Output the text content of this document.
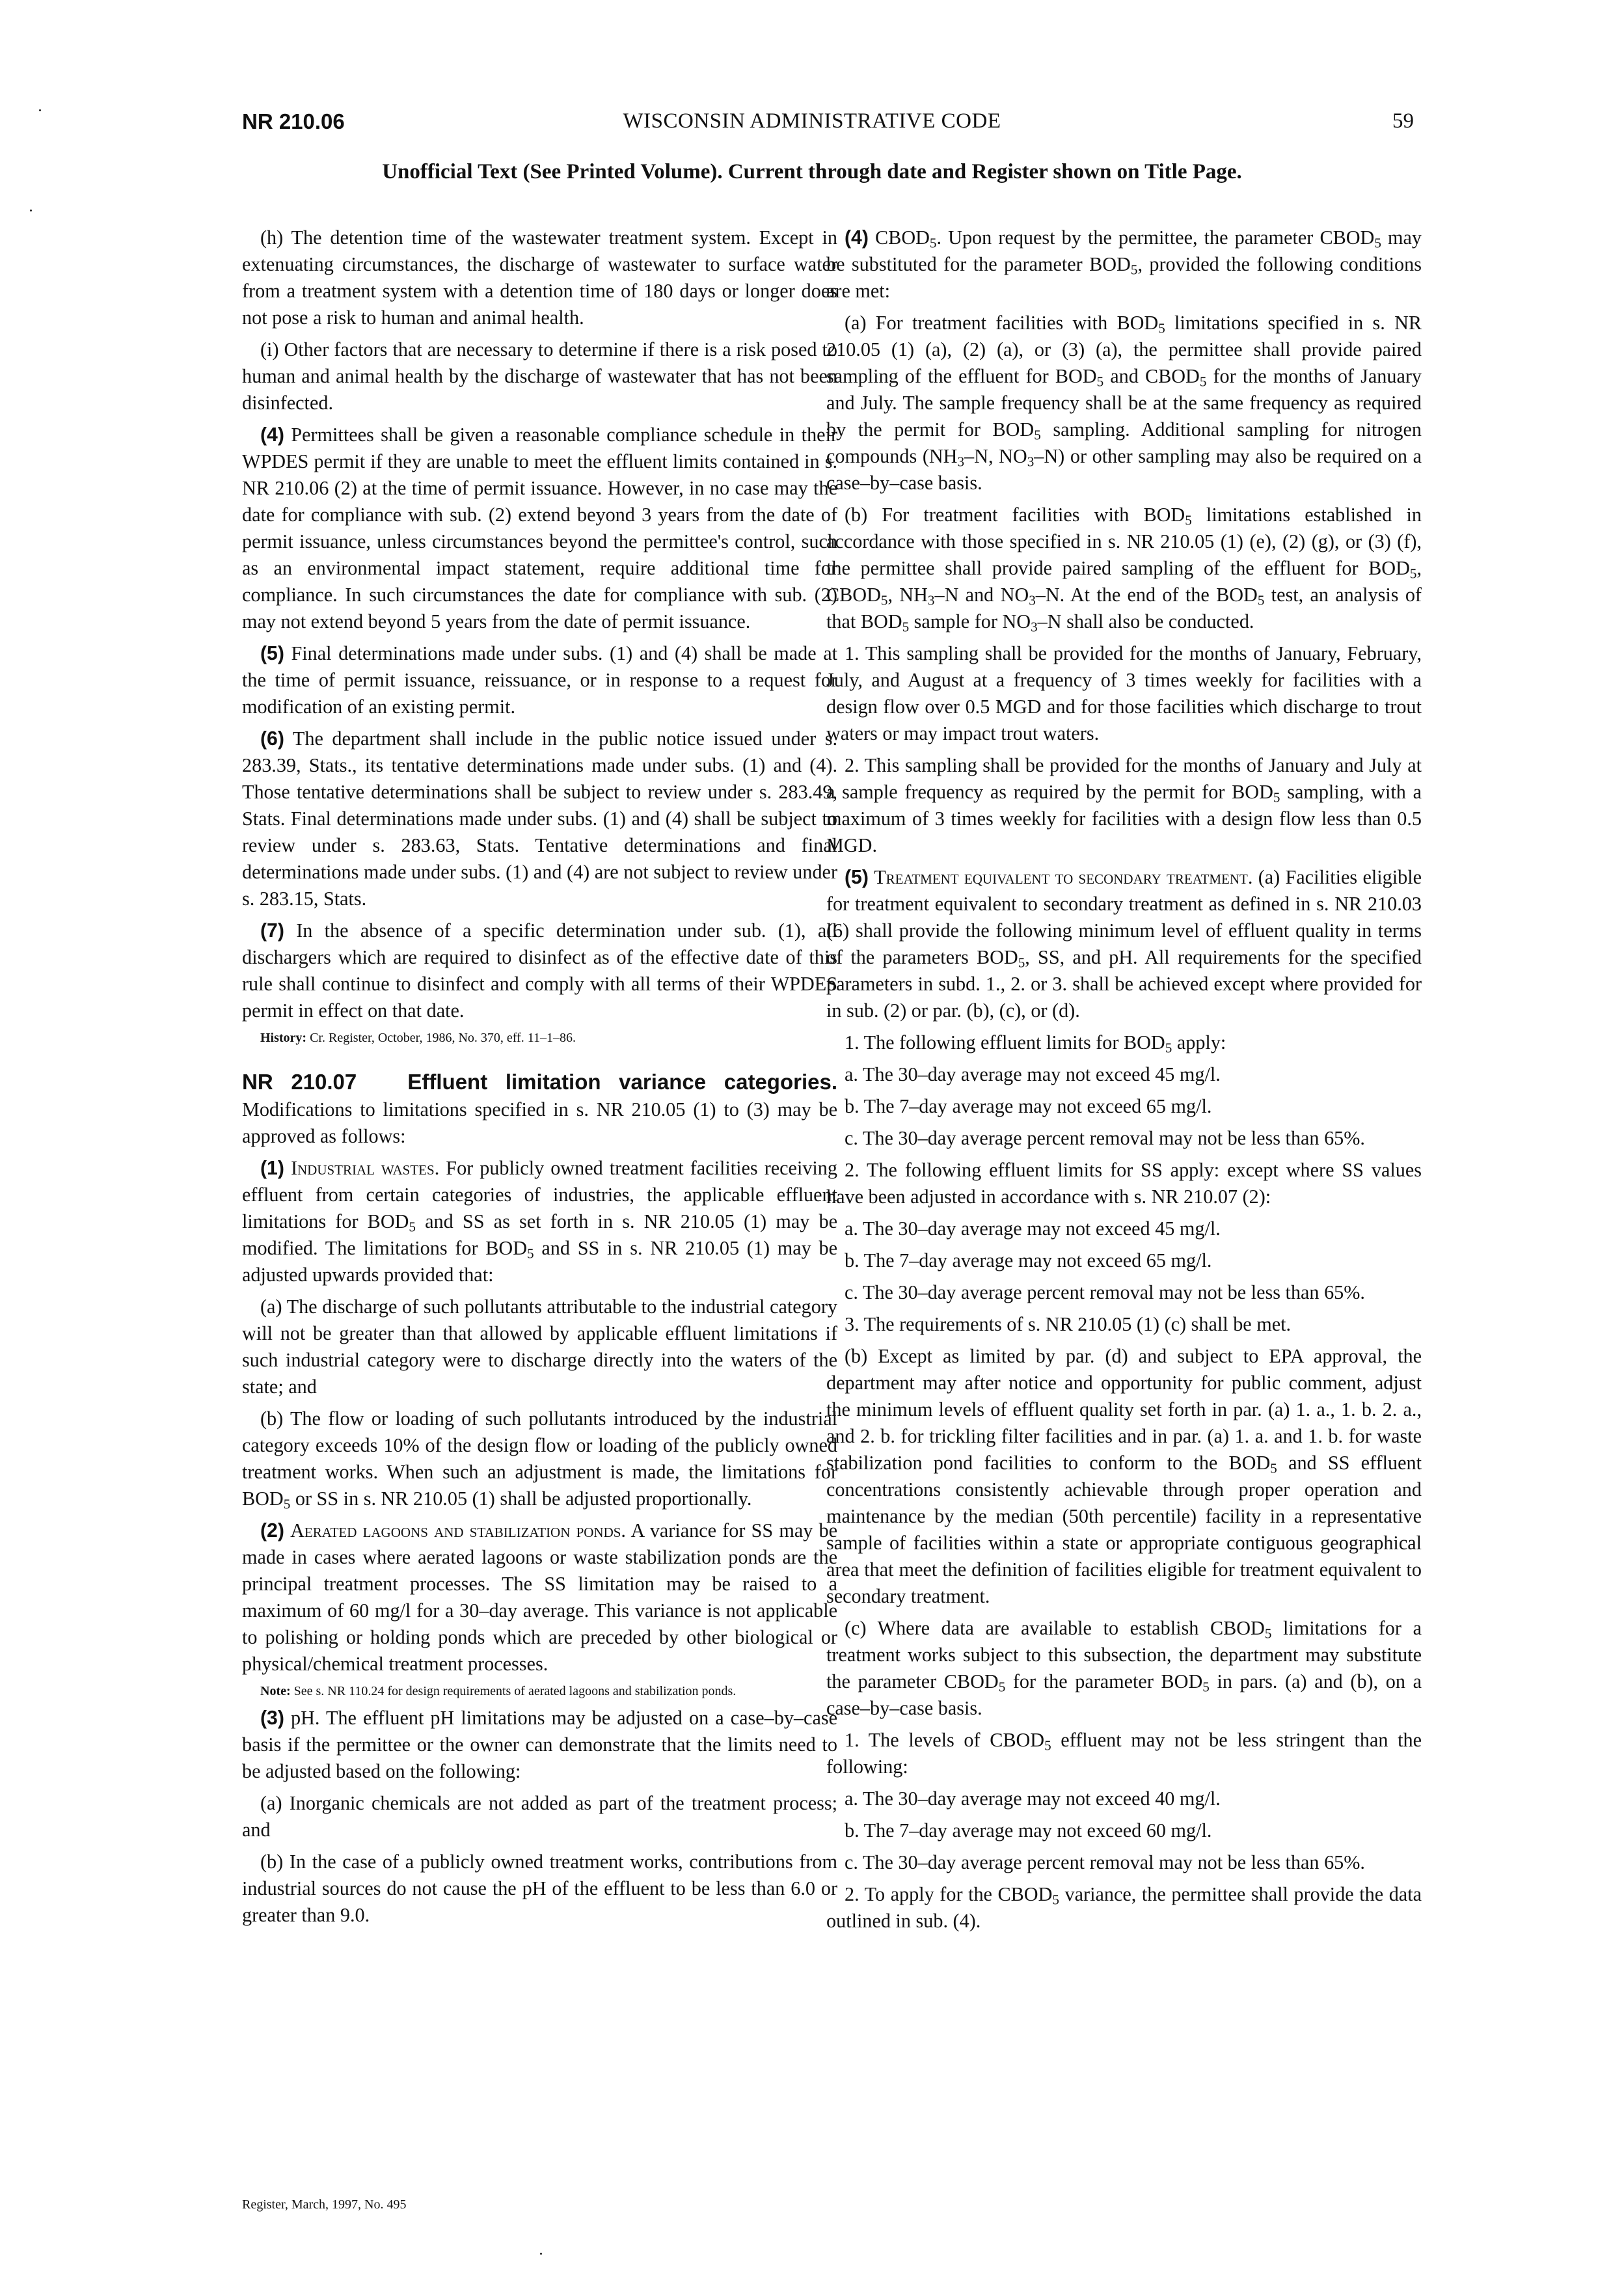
NR 210.06	WISCONSIN ADMINISTRATIVE CODE	59
Unofficial Text (See Printed Volume). Current through date and Register shown on Title Page.

(h) The detention time of the wastewater treatment system. Except in extenuating circumstances, the discharge of wastewater to surface water from a treatment system with a detention time of 180 days or longer does not pose a risk to human and animal health.

(i) Other factors that are necessary to determine if there is a risk posed to human and animal health by the discharge of wastewater that has not been disinfected.

(4) Permittees shall be given a reasonable compliance schedule in their WPDES permit if they are unable to meet the effluent limits contained in s. NR 210.06 (2) at the time of permit issuance. However, in no case may the date for compliance with sub. (2) extend beyond 3 years from the date of permit issuance, unless circumstances beyond the permittee's control, such as an environmental impact statement, require additional time for compliance. In such circumstances the date for compliance with sub. (2) may not extend beyond 5 years from the date of permit issuance.

(5) Final determinations made under subs. (1) and (4) shall be made at the time of permit issuance, reissuance, or in response to a request for modification of an existing permit.

(6) The department shall include in the public notice issued under s. 283.39, Stats., its tentative determinations made under subs. (1) and (4). Those tentative determinations shall be subject to review under s. 283.49, Stats. Final determinations made under subs. (1) and (4) shall be subject to review under s. 283.63, Stats. Tentative determinations and final determinations made under subs. (1) and (4) are not subject to review under s. 283.15, Stats.

(7) In the absence of a specific determination under sub. (1), all dischargers which are required to disinfect as of the effective date of this rule shall continue to disinfect and comply with all terms of their WPDES permit in effect on that date.

History: Cr. Register, October, 1986, No. 370, eff. 11–1–86.

NR 210.07 Effluent limitation variance categories. Modifications to limitations specified in s. NR 210.05 (1) to (3) may be approved as follows:

(1) Industrial wastes. For publicly owned treatment facilities receiving effluent from certain categories of industries, the applicable effluent limitations for $BOD_5$ and SS as set forth in s. NR 210.05 (1) may be modified. The limitations for $BOD_5$ and SS in s. NR 210.05 (1) may be adjusted upwards provided that:

(a) The discharge of such pollutants attributable to the industrial category will not be greater than that allowed by applicable effluent limitations if such industrial category were to discharge directly into the waters of the state; and

(b) The flow or loading of such pollutants introduced by the industrial category exceeds 10% of the design flow or loading of the publicly owned treatment works. When such an adjustment is made, the limitations for $BOD_5$ or SS in s. NR 210.05 (1) shall be adjusted proportionally.

(2) Aerated lagoons and stabilization ponds. A variance for SS may be made in cases where aerated lagoons or waste stabilization ponds are the principal treatment processes. The SS limitation may be raised to a maximum of 60 mg/l for a 30–day average. This variance is not applicable to polishing or holding ponds which are preceded by other biological or physical/chemical treatment processes.

Note: See s. NR 110.24 for design requirements of aerated lagoons and stabilization ponds.

(3) pH. The effluent pH limitations may be adjusted on a case–by–case basis if the permittee or the owner can demonstrate that the limits need to be adjusted based on the following:

(a) Inorganic chemicals are not added as part of the treatment process; and

(b) In the case of a publicly owned treatment works, contributions from industrial sources do not cause the pH of the effluent to be less than 6.0 or greater than 9.0.

(4) $CBOD_5$. Upon request by the permittee, the parameter $CBOD_5$ may be substituted for the parameter $BOD_5$, provided the following conditions are met:

(a) For treatment facilities with $BOD_5$ limitations specified in s. NR 210.05 (1) (a), (2) (a), or (3) (a), the permittee shall provide paired sampling of the effluent for $BOD_5$ and $CBOD_5$ for the months of January and July. The sample frequency shall be at the same frequency as required by the permit for $BOD_5$ sampling. Additional sampling for nitrogen compounds ($NH_3-N$, $NO_3-N$) or other sampling may also be required on a case–by–case basis.

(b) For treatment facilities with $BOD_5$ limitations established in accordance with those specified in s. NR 210.05 (1) (e), (2) (g), or (3) (f), the permittee shall provide paired sampling of the effluent for $BOD_5$, $CBOD_5$, $NH_3-N$ and $NO_3-N$. At the end of the $BOD_5$ test, an analysis of that $BOD_5$ sample for $NO_3-N$ shall also be conducted.

1. This sampling shall be provided for the months of January, February, July, and August at a frequency of 3 times weekly for facilities with a design flow over 0.5 MGD and for those facilities which discharge to trout waters or may impact trout waters.

2. This sampling shall be provided for the months of January and July at a sample frequency as required by the permit for $BOD_5$ sampling, with a maximum of 3 times weekly for facilities with a design flow less than 0.5 MGD.

(5) Treatment equivalent to secondary treatment. (a) Facilities eligible for treatment equivalent to secondary treatment as defined in s. NR 210.03 (6) shall provide the following minimum level of effluent quality in terms of the parameters $BOD_5$, SS, and pH. All requirements for the specified parameters in subd. 1., 2. or 3. shall be achieved except where provided for in sub. (2) or par. (b), (c), or (d).

1. The following effluent limits for $BOD_5$ apply:

a. The 30–day average may not exceed 45 mg/l.

b. The 7–day average may not exceed 65 mg/l.

c. The 30–day average percent removal may not be less than 65%.

2. The following effluent limits for SS apply: except where SS values have been adjusted in accordance with s. NR 210.07 (2):

a. The 30–day average may not exceed 45 mg/l.

b. The 7–day average may not exceed 65 mg/l.

c. The 30–day average percent removal may not be less than 65%.

3. The requirements of s. NR 210.05 (1) (c) shall be met.

(b) Except as limited by par. (d) and subject to EPA approval, the department may after notice and opportunity for public comment, adjust the minimum levels of effluent quality set forth in par. (a) 1. a., 1. b. 2. a., and 2. b. for trickling filter facilities and in par. (a) 1. a. and 1. b. for waste stabilization pond facilities to conform to the $BOD_5$ and SS effluent concentrations consistently achievable through proper operation and maintenance by the median (50th percentile) facility in a representative sample of facilities within a state or appropriate contiguous geographical area that meet the definition of facilities eligible for treatment equivalent to secondary treatment.

(c) Where data are available to establish $CBOD_5$ limitations for a treatment works subject to this subsection, the department may substitute the parameter $CBOD_5$ for the parameter $BOD_5$ in pars. (a) and (b), on a case–by–case basis.

1. The levels of $CBOD_5$ effluent may not be less stringent than the following:

a. The 30–day average may not exceed 40 mg/l.

b. The 7–day average may not exceed 60 mg/l.

c. The 30–day average percent removal may not be less than 65%.

2. To apply for the $CBOD_5$ variance, the permittee shall provide the data outlined in sub. (4).

Register, March, 1997, No. 495
